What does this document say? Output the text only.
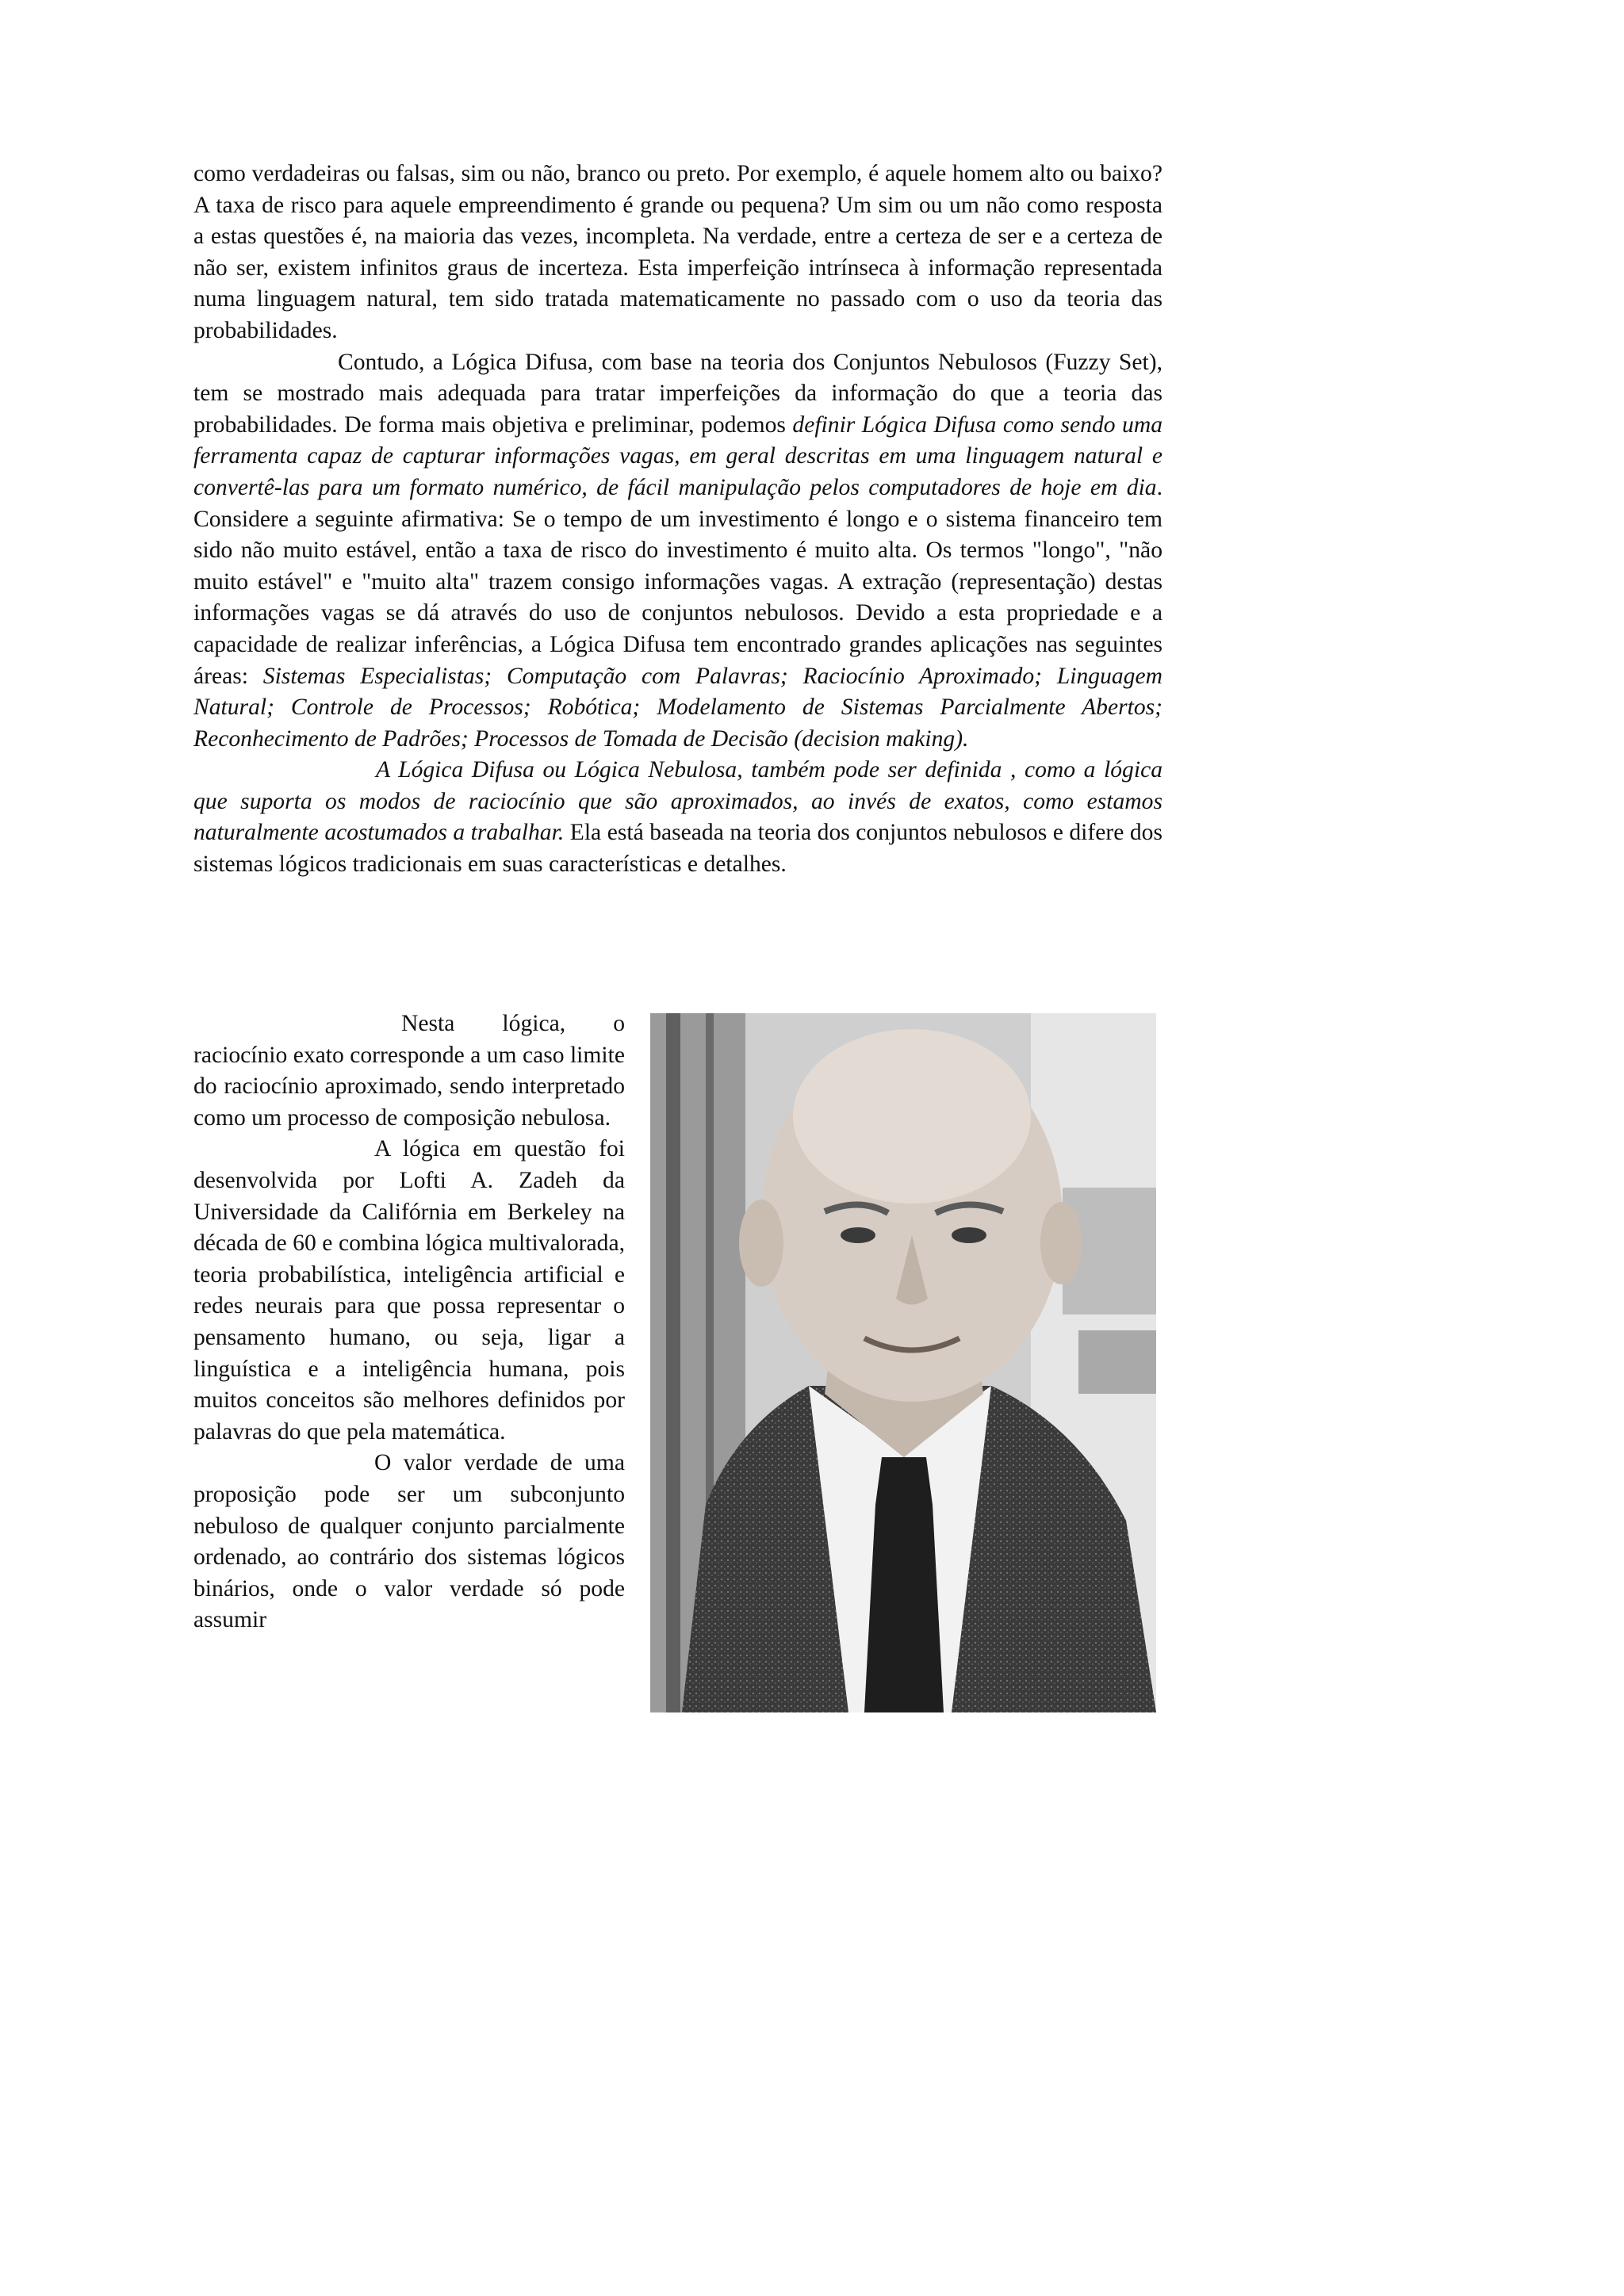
como verdadeiras ou falsas, sim ou não, branco ou preto. Por exemplo, é aquele homem alto ou baixo? A taxa de risco para aquele empreendimento é grande ou pequena? Um sim ou um não como resposta a estas questões é, na maioria das vezes, incompleta. Na verdade, entre a certeza de ser e a certeza de não ser, existem infinitos graus de incerteza. Esta imperfeição intrínseca à informação representada numa linguagem natural, tem sido tratada matematicamente no passado com o uso da teoria das probabilidades.

Contudo, a Lógica Difusa, com base na teoria dos Conjuntos Nebulosos (Fuzzy Set), tem se mostrado mais adequada para tratar imperfeições da informação do que a teoria das probabilidades. De forma mais objetiva e preliminar, podemos definir Lógica Difusa como sendo uma ferramenta capaz de capturar informações vagas, em geral descritas em uma linguagem natural e convertê-las para um formato numérico, de fácil manipulação pelos computadores de hoje em dia. Considere a seguinte afirmativa: Se o tempo de um investimento é longo e o sistema financeiro tem sido não muito estável, então a taxa de risco do investimento é muito alta. Os termos "longo", "não muito estável" e "muito alta" trazem consigo informações vagas. A extração (representação) destas informações vagas se dá através do uso de conjuntos nebulosos. Devido a esta propriedade e a capacidade de realizar inferências, a Lógica Difusa tem encontrado grandes aplicações nas seguintes áreas: Sistemas Especialistas; Computação com Palavras; Raciocínio Aproximado; Linguagem Natural; Controle de Processos; Robótica; Modelamento de Sistemas Parcialmente Abertos; Reconhecimento de Padrões; Processos de Tomada de Decisão (decision making).

A Lógica Difusa ou Lógica Nebulosa, também pode ser definida , como a lógica que suporta os modos de raciocínio que são aproximados, ao invés de exatos, como estamos naturalmente acostumados a trabalhar. Ela está baseada na teoria dos conjuntos nebulosos e difere dos sistemas lógicos tradicionais em suas características e detalhes.

Nesta lógica, o raciocínio exato corresponde a um caso limite do raciocínio aproximado, sendo interpretado como um processo de composição nebulosa.

A lógica em questão foi desenvolvida por Lofti A. Zadeh da Universidade da Califórnia em Berkeley na década de 60 e combina lógica multivalorada, teoria probabilística, inteligência artificial e redes neurais para que possa representar o pensamento humano, ou seja, ligar a linguística e a inteligência humana, pois muitos conceitos são melhores definidos por palavras do que pela matemática.

O valor verdade de uma proposição pode ser um subconjunto nebuloso de qualquer conjunto parcialmente ordenado, ao contrário dos sistemas lógicos binários, onde o valor verdade só pode assumir
